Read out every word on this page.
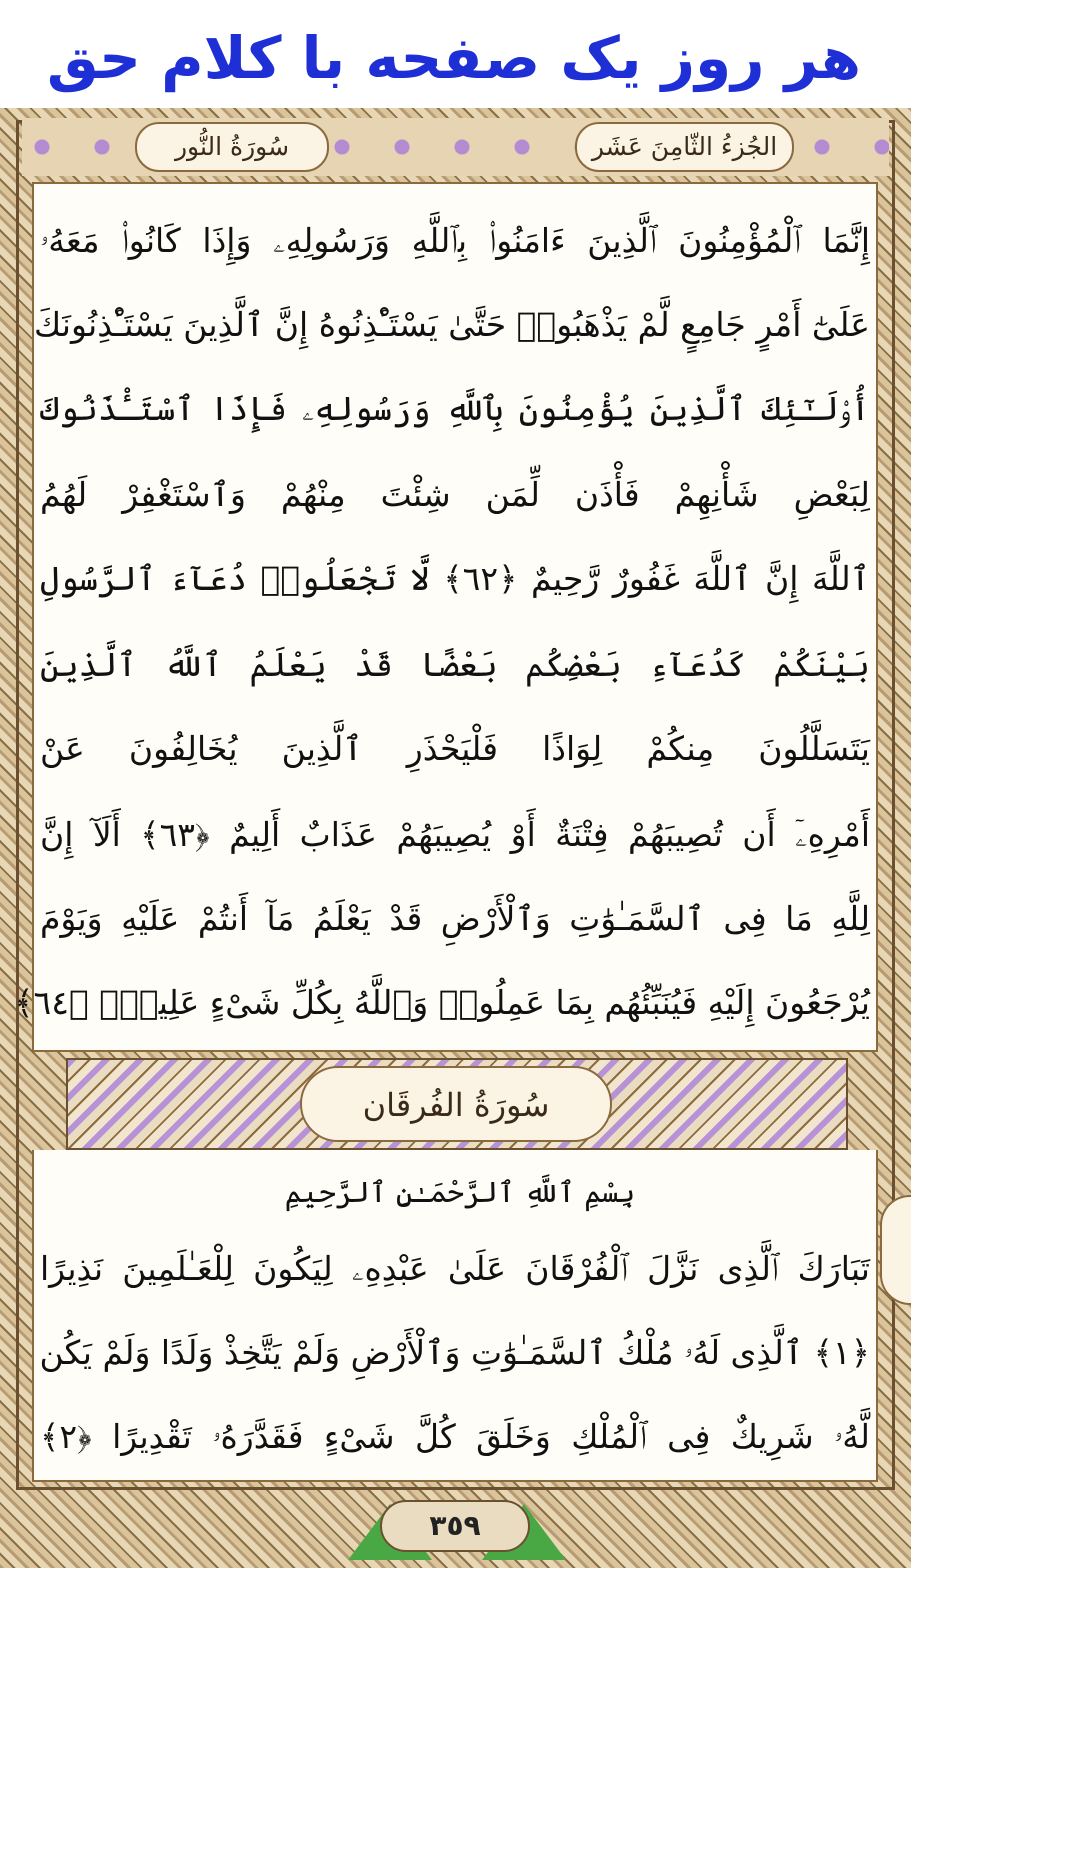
هر روز یک صفحه با کلام حق
الجُزءُ الثّامِنَ عَشَر
سُورَةُ النُّور
إِنَّمَا ٱلْمُؤْمِنُونَ ٱلَّذِينَ ءَامَنُوا۟ بِٱللَّهِ وَرَسُولِهِۦ وَإِذَا كَانُوا۟ مَعَهُۥ
عَلَىٰٓ أَمْرٍ جَامِعٍ لَّمْ يَذْهَبُوا۟ حَتَّىٰ يَسْتَـْٔذِنُوهُ إِنَّ ٱلَّذِينَ يَسْتَـْٔذِنُونَكَ
أُو۟لَـٰٓئِكَ ٱلَّذِينَ يُؤْمِنُونَ بِٱللَّهِ وَرَسُولِهِۦ فَإِذَا ٱسْتَـْٔذَنُوكَ
لِبَعْضِ شَأْنِهِمْ فَأْذَن لِّمَن شِئْتَ مِنْهُمْ وَٱسْتَغْفِرْ لَهُمُ
ٱللَّهَ إِنَّ ٱللَّهَ غَفُورٌ رَّحِيمٌ ﴿٦٢﴾ لَّا تَجْعَلُوا۟ دُعَآءَ ٱلرَّسُولِ
بَيْنَكُمْ كَدُعَآءِ بَعْضِكُم بَعْضًا قَدْ يَعْلَمُ ٱللَّهُ ٱلَّذِينَ
يَتَسَلَّلُونَ مِنكُمْ لِوَاذًا فَلْيَحْذَرِ ٱلَّذِينَ يُخَالِفُونَ عَنْ
أَمْرِهِۦٓ أَن تُصِيبَهُمْ فِتْنَةٌ أَوْ يُصِيبَهُمْ عَذَابٌ أَلِيمٌ ﴿٦٣﴾ أَلَآ إِنَّ
لِلَّهِ مَا فِى ٱلسَّمَـٰوَٰتِ وَٱلْأَرْضِ قَدْ يَعْلَمُ مَآ أَنتُمْ عَلَيْهِ وَيَوْمَ
يُرْجَعُونَ إِلَيْهِ فَيُنَبِّئُهُم بِمَا عَمِلُوا۟ وَٱللَّهُ بِكُلِّ شَىْءٍ عَلِيمٌۢ ﴿٦٤﴾
سُورَةُ الفُرقَان
بِسْمِ ٱللَّهِ ٱلرَّحْمَـٰنِ ٱلرَّحِيمِ
تَبَارَكَ ٱلَّذِى نَزَّلَ ٱلْفُرْقَانَ عَلَىٰ عَبْدِهِۦ لِيَكُونَ لِلْعَـٰلَمِينَ نَذِيرًا
﴿١﴾ ٱلَّذِى لَهُۥ مُلْكُ ٱلسَّمَـٰوَٰتِ وَٱلْأَرْضِ وَلَمْ يَتَّخِذْ وَلَدًا وَلَمْ يَكُن
لَّهُۥ شَرِيكٌ فِى ٱلْمُلْكِ وَخَلَقَ كُلَّ شَىْءٍ فَقَدَّرَهُۥ تَقْدِيرًا ﴿٢﴾
٣٥٩
